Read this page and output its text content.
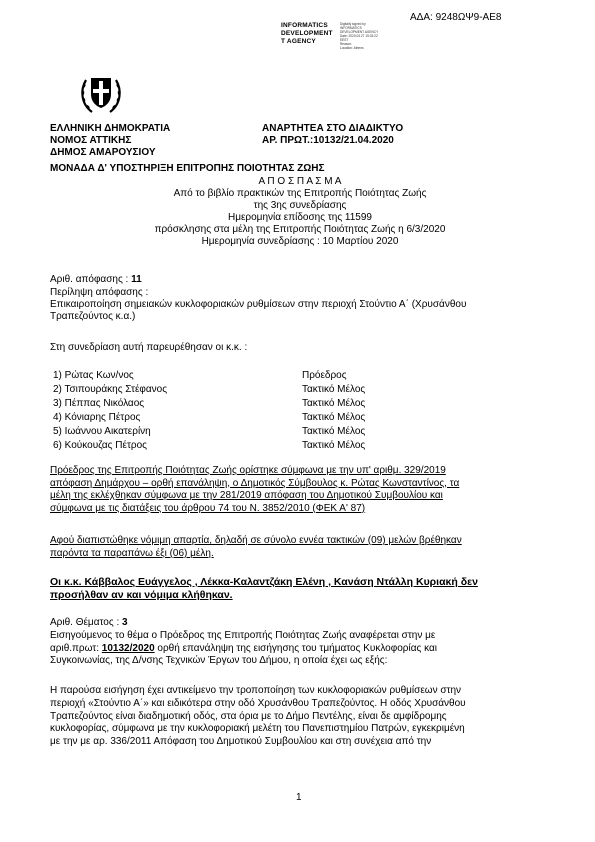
ΑΔΑ: 9248ΩΨ9-ΑΕ8
INFORMATICS
DEVELOPMENT
T AGENCY
Digitally signed by
INFORMATICS
DEVELOPMENT AGENCY
Date: 2020.04.27 15:33:22
EEST
Reason:
Location: Athens
ΕΛΛΗΝΙΚΗ ΔΗΜΟΚΡΑΤΙΑ
ΝΟΜΟΣ ΑΤΤΙΚΗΣ
ΔΗΜΟΣ ΑΜΑΡΟΥΣΙΟΥ
ΑΝΑΡΤΗΤΕΑ ΣΤΟ ΔΙΑΔΙΚΤΥΟ
ΑΡ. ΠΡΩΤ.:10132/21.04.2020
ΜΟΝΑΔΑ Δ' ΥΠΟΣΤΗΡΙΞΗ ΕΠΙΤΡΟΠΗΣ ΠΟΙΟΤΗΤΑΣ ΖΩΗΣ
Α Π Ο Σ Π Α Σ Μ Α
Από το βιβλίο πρακτικών της Επιτροπής Ποιότητας Ζωής
της 3ης συνεδρίασης
Ημερομηνία επίδοσης της 11599
πρόσκλησης στα μέλη της Επιτροπής Ποιότητας Ζωής η 6/3/2020
Ημερομηνία συνεδρίασης : 10 Μαρτίου 2020
Αριθ. απόφασης : 11
Περίληψη απόφασης :
Επικαιροποίηση σημειακών κυκλοφοριακών ρυθμίσεων στην περιοχή Στούντιο Α΄ (Χρυσάνθου
Τραπεζούντος κ.α.)
Στη συνεδρίαση αυτή παρευρέθησαν οι κ.κ. :
1) Ρώτας Κων/νος	Πρόεδρος
2) Τσιπουράκης Στέφανος	Τακτικό Μέλος
3) Πέππας Νικόλαος	Τακτικό Μέλος
4) Κόνιαρης Πέτρος	Τακτικό Μέλος
5) Ιωάννου Αικατερίνη	Τακτικό Μέλος
6) Κούκουζας Πέτρος	Τακτικό Μέλος
Πρόεδρος της Επιτροπής Ποιότητας Ζωής ορίστηκε σύμφωνα με την υπ' αριθμ. 329/2019
απόφαση Δημάρχου – ορθή επανάληψη, ο Δημοτικός Σύμβουλος κ. Ρώτας Κωνσταντίνος, τα
μέλη της εκλέχθηκαν σύμφωνα με την 281/2019 απόφαση του Δημοτικού Συμβουλίου και
σύμφωνα με τις διατάξεις του άρθρου 74 του Ν. 3852/2010 (ΦΕΚ Α' 87)
Αφού διαπιστώθηκε νόμιμη απαρτία, δηλαδή σε σύνολο εννέα τακτικών (09) μελών βρέθηκαν
παρόντα τα παραπάνω έξι (06) μέλη.
Οι κ.κ. Κάββαλος Ευάγγελος , Λέκκα-Καλαντζάκη Ελένη , Κανάση Ντάλλη Κυριακή δεν
προσήλθαν αν και νόμιμα κλήθηκαν.
Αριθ. Θέματος : 3
Εισηγούμενος το θέμα ο Πρόεδρος της Επιτροπής Ποιότητας Ζωής αναφέρεται στην με
αριθ.πρωτ: 10132/2020 ορθή επανάληψη της εισήγησης του τμήματος Κυκλοφορίας και
Συγκοινωνίας, της Δ/νσης Τεχνικών Έργων του Δήμου, η οποία έχει ως εξής:
Η παρούσα εισήγηση έχει αντικείμενο την τροποποίηση των κυκλοφοριακών ρυθμίσεων στην
περιοχή «Στούντιο Α΄» και ειδικότερα στην οδό Χρυσάνθου Τραπεζούντος. Η οδός Χρυσάνθου
Τραπεζούντος είναι διαδημοτική οδός, στα όρια με το Δήμο Πεντέλης, είναι δε αμφίδρομης
κυκλοφορίας, σύμφωνα με την κυκλοφοριακή μελέτη του Πανεπιστημίου Πατρών, εγκεκριμένη
με την με αρ. 336/2011 Απόφαση του Δημοτικού Συμβουλίου και στη συνέχεια από την
1
